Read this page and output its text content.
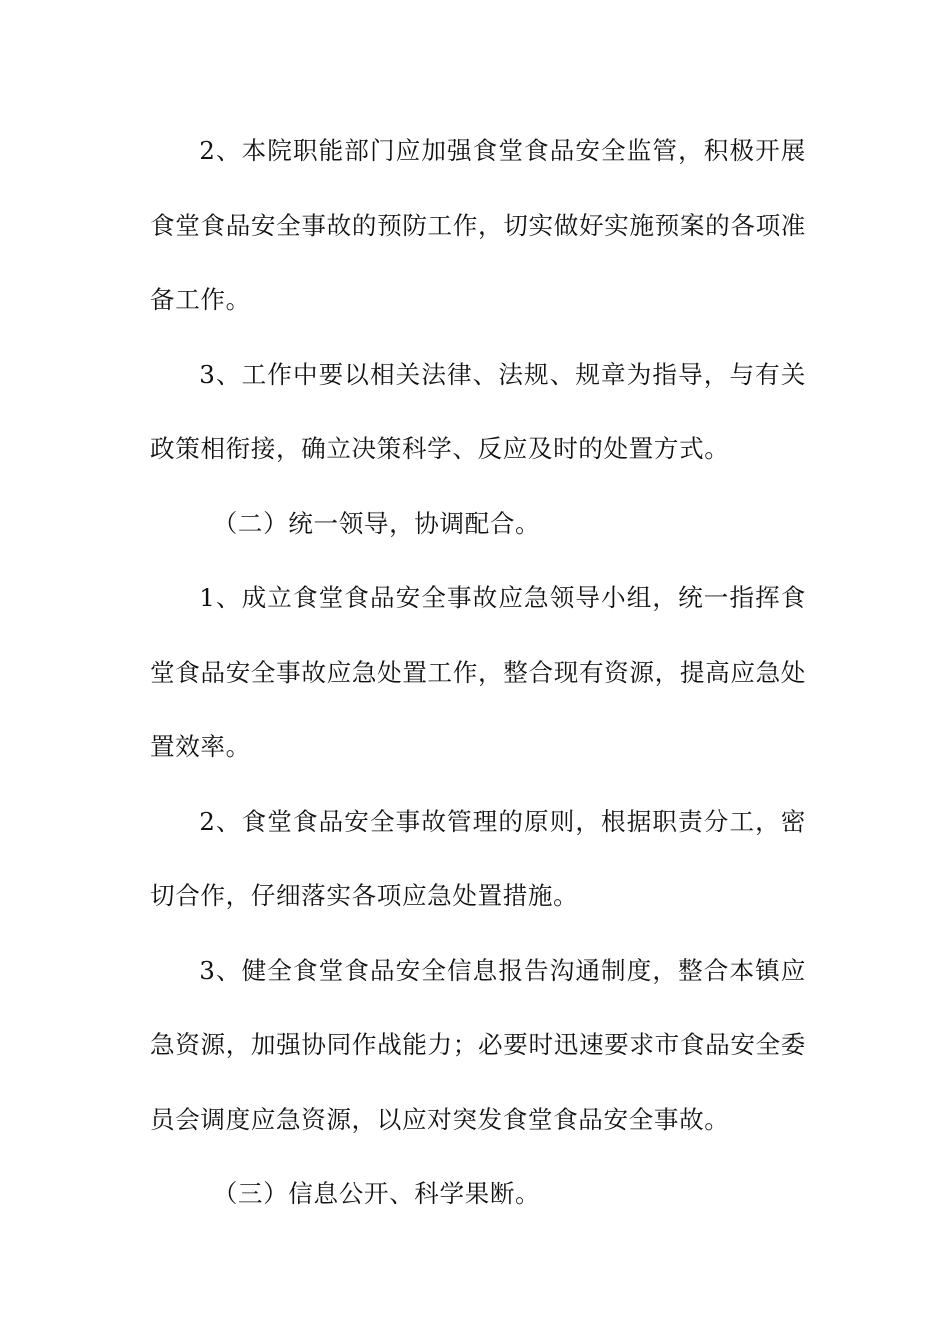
2、本院职能部门应加强食堂食品安全监管，积极开展食堂食品安全事故的预防工作，切实做好实施预案的各项准备工作。

3、工作中要以相关法律、法规、规章为指导，与有关政策相衔接，确立决策科学、反应及时的处置方式。

（二）统一领导，协调配合。

1、成立食堂食品安全事故应急领导小组，统一指挥食堂食品安全事故应急处置工作，整合现有资源，提高应急处置效率。

2、食堂食品安全事故管理的原则，根据职责分工，密切合作，仔细落实各项应急处置措施。

3、健全食堂食品安全信息报告沟通制度，整合本镇应急资源，加强协同作战能力；必要时迅速要求市食品安全委员会调度应急资源，以应对突发食堂食品安全事故。

（三）信息公开、科学果断。
